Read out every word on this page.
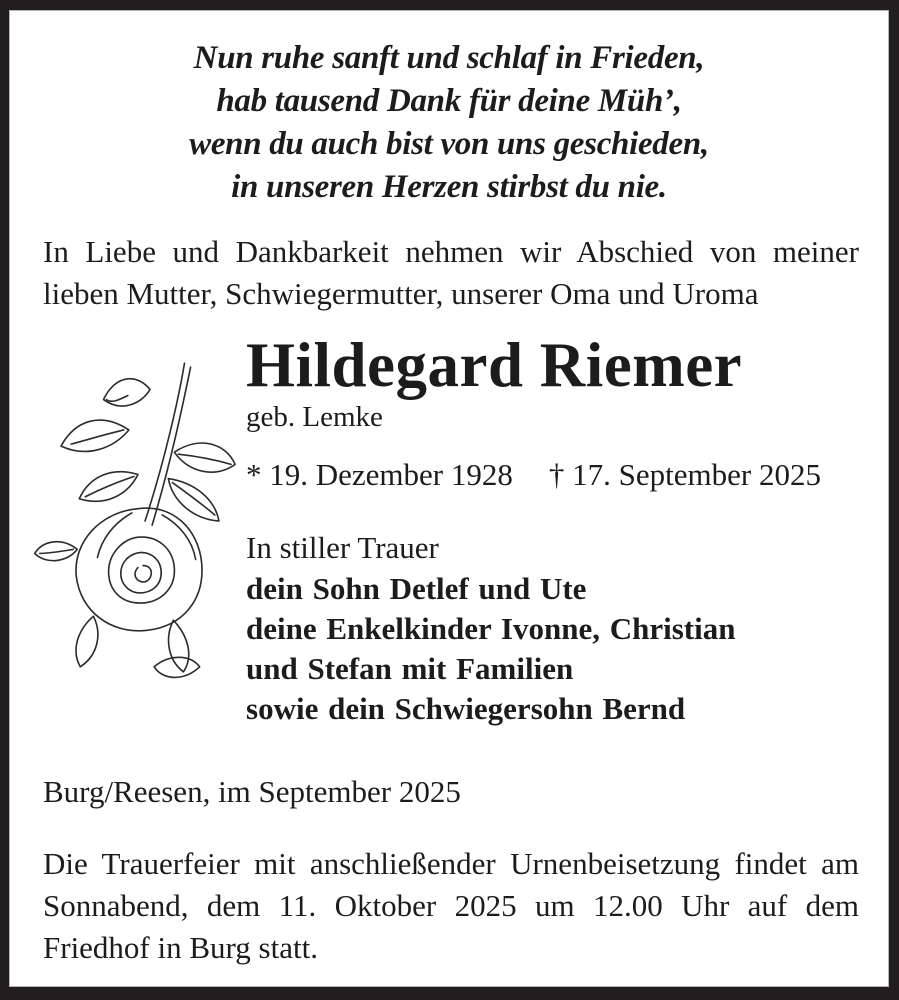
Nun ruhe sanft und schlaf in Frieden,
hab tausend Dank für deine Müh’,
wenn du auch bist von uns geschieden,
in unseren Herzen stirbst du nie.
In Liebe und Dankbarkeit nehmen wir Abschied von meiner lieben Mutter, Schwiegermutter, unserer Oma und Uroma
Hildegard Riemer
geb. Lemke
* 19. Dezember 1928 † 17. September 2025
In stiller Trauer
dein Sohn Detlef und Ute
deine Enkelkinder Ivonne, Christian
und Stefan mit Familien
sowie dein Schwiegersohn Bernd
Burg/Reesen, im September 2025
Die Trauerfeier mit anschließender Urnenbeisetzung findet am Sonnabend, dem 11. Oktober 2025 um 12.00 Uhr auf dem Friedhof in Burg statt.
